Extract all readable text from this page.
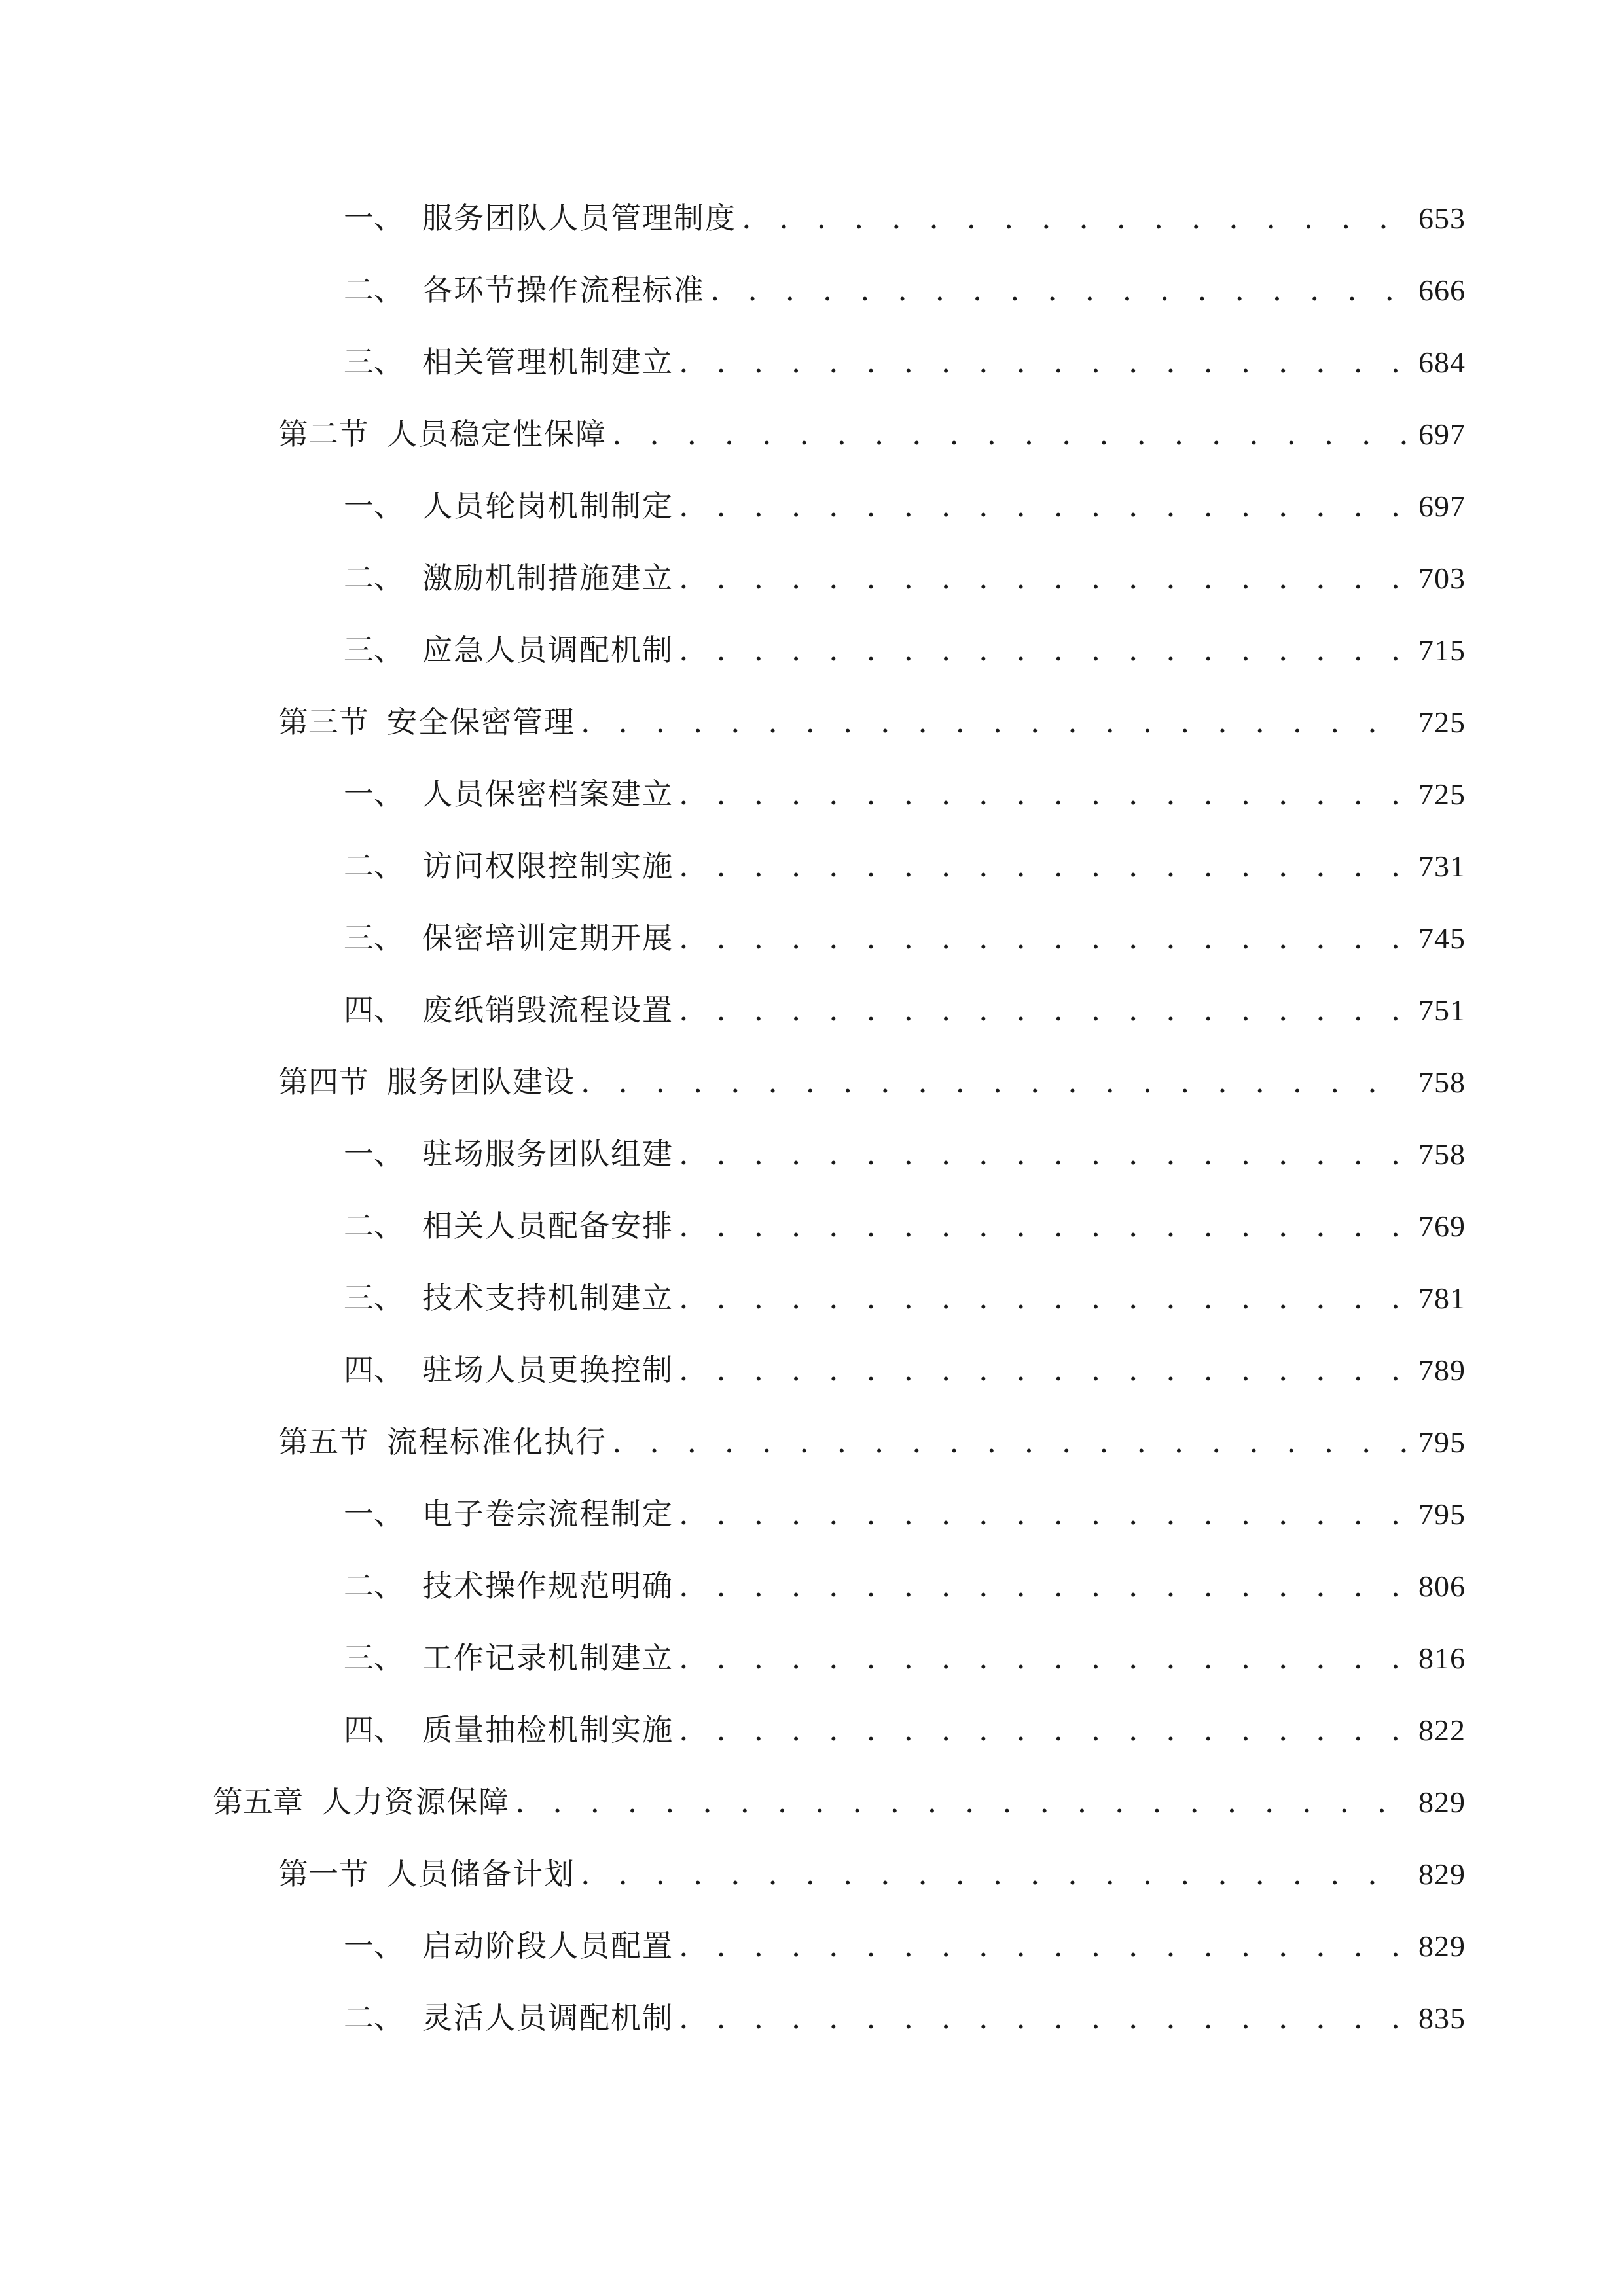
一、 服务团队人员管理制度 . . .	653
二、 各环节操作流程标准 . . .	666
三、 相关管理机制建立 . . .	684
第二节 人员稳定性保障 . . .	697
一、 人员轮岗机制制定 . . .	697
二、 激励机制措施建立 . . .	703
三、 应急人员调配机制 . . .	715
第三节 安全保密管理 . . .	725
一、 人员保密档案建立 . . .	725
二、 访问权限控制实施 . . .	731
三、 保密培训定期开展 . . .	745
四、 废纸销毁流程设置 . . .	751
第四节 服务团队建设 . . .	758
一、 驻场服务团队组建 . . .	758
二、 相关人员配备安排 . . .	769
三、 技术支持机制建立 . . .	781
四、 驻场人员更换控制 . . .	789
第五节 流程标准化执行 . . .	795
一、 电子卷宗流程制定 . . .	795
二、 技术操作规范明确 . . .	806
三、 工作记录机制建立 . . .	816
四、 质量抽检机制实施 . . .	822
第五章 人力资源保障 . . .	829
第一节 人员储备计划 . . .	829
一、 启动阶段人员配置 . . .	829
二、 灵活人员调配机制 . . .	835
